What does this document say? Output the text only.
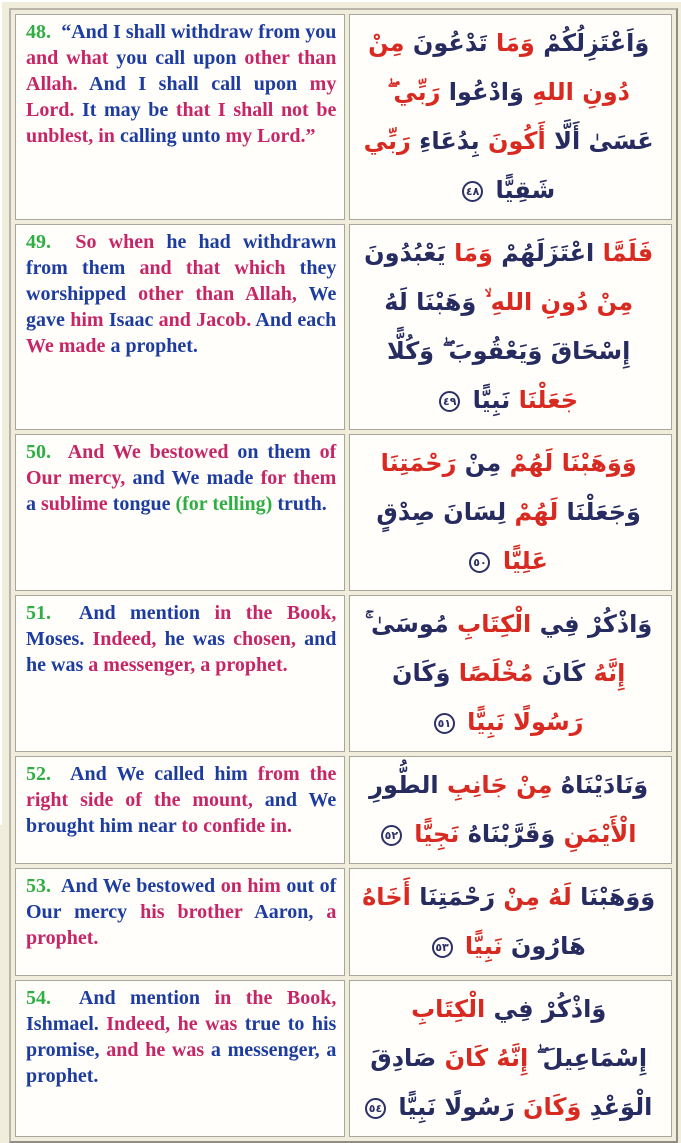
48. “And I shall withdraw from you and what you call upon other than Allah. And I shall call upon my Lord. It may be that I shall not be unblest, in calling unto my Lord.”	وَاَعْتَزِلُكُمْ وَمَا تَدْعُونَ مِنْ دُونِ اللهِ وَادْعُوا رَبِّي ۖ عَسَىٰ أَلَّا أَكُونَ بِدُعَاءِ رَبِّي شَقِيًّا ٤٨
49. So when he had withdrawn from them and that which they worshipped other than Allah, We gave him Isaac and Jacob. And each We made a prophet.	فَلَمَّا اعْتَزَلَهُمْ وَمَا يَعْبُدُونَ مِنْ دُونِ اللهِ ۙ وَهَبْنَا لَهُ إِسْحَاقَ وَيَعْقُوبَ ۖ وَكُلًّا جَعَلْنَا نَبِيًّا ٤٩
50. And We bestowed on them of Our mercy, and We made for them a sublime tongue (for telling) truth.	وَوَهَبْنَا لَهُمْ مِنْ رَحْمَتِنَا وَجَعَلْنَا لَهُمْ لِسَانَ صِدْقٍ عَلِيًّا ٥٠
51. And mention in the Book, Moses. Indeed, he was chosen, and he was a messenger, a prophet.	وَاذْكُرْ فِي الْكِتَابِ مُوسَىٰ ۚ إِنَّهُ كَانَ مُخْلَصًا وَكَانَ رَسُولًا نَبِيًّا ٥١
52. And We called him from the right side of the mount, and We brought him near to confide in.	وَنَادَيْنَاهُ مِنْ جَانِبِ الطُّورِ الْأَيْمَنِ وَقَرَّبْنَاهُ نَجِيًّا ٥٢
53. And We bestowed on him out of Our mercy his brother Aaron, a prophet.	وَوَهَبْنَا لَهُ مِنْ رَحْمَتِنَا أَخَاهُ هَارُونَ نَبِيًّا ٥٣
54. And mention in the Book, Ishmael. Indeed, he was true to his promise, and he was a messenger, a prophet.	وَاذْكُرْ فِي الْكِتَابِ إِسْمَاعِيلَ ۖ إِنَّهُ كَانَ صَادِقَ الْوَعْدِ وَكَانَ رَسُولًا نَبِيًّا ٥٤
